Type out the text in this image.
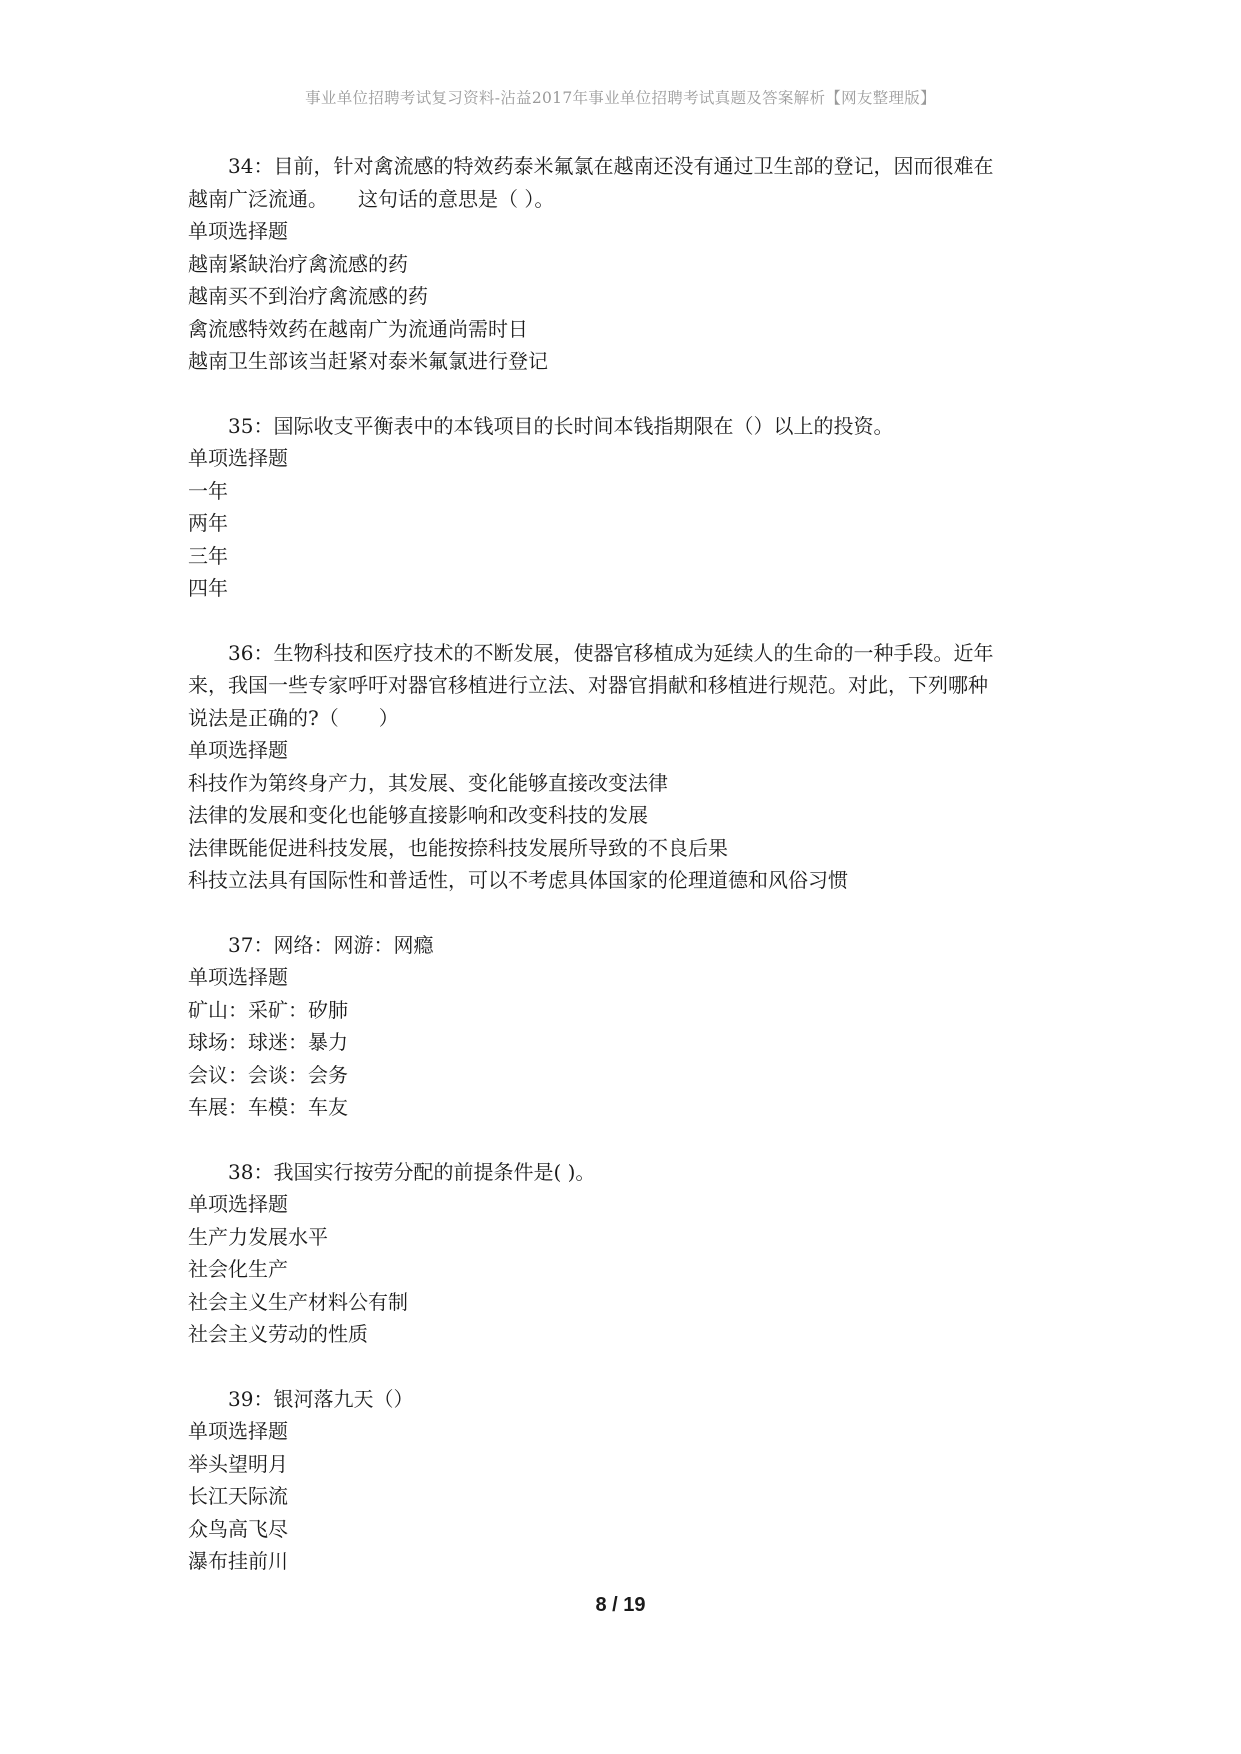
事业单位招聘考试复习资料-沾益2017年事业单位招聘考试真题及答案解析【网友整理版】
34：目前，针对禽流感的特效药泰米氟氯在越南还没有通过卫生部的登记，因而很难在
越南广泛流通。　　这句话的意思是（ ）。
单项选择题
越南紧缺治疗禽流感的药
越南买不到治疗禽流感的药
禽流感特效药在越南广为流通尚需时日
越南卫生部该当赶紧对泰米氟氯进行登记
35：国际收支平衡表中的本钱项目的长时间本钱指期限在（）以上的投资。
单项选择题
一年
两年
三年
四年
36：生物科技和医疗技术的不断发展，使器官移植成为延续人的生命的一种手段。近年
来，我国一些专家呼吁对器官移植进行立法、对器官捐献和移植进行规范。对此，下列哪种
说法是正确的?（　　）
单项选择题
科技作为第终身产力，其发展、变化能够直接改变法律
法律的发展和变化也能够直接影响和改变科技的发展
法律既能促进科技发展，也能按捺科技发展所导致的不良后果
科技立法具有国际性和普适性，可以不考虑具体国家的伦理道德和风俗习惯
37：网络：网游：网瘾
单项选择题
矿山：采矿：矽肺
球场：球迷：暴力
会议：会谈：会务
车展：车模：车友
38：我国实行按劳分配的前提条件是( )。
单项选择题
生产力发展水平
社会化生产
社会主义生产材料公有制
社会主义劳动的性质
39：银河落九天（）
单项选择题
举头望明月
长江天际流
众鸟高飞尽
瀑布挂前川
8 / 19
